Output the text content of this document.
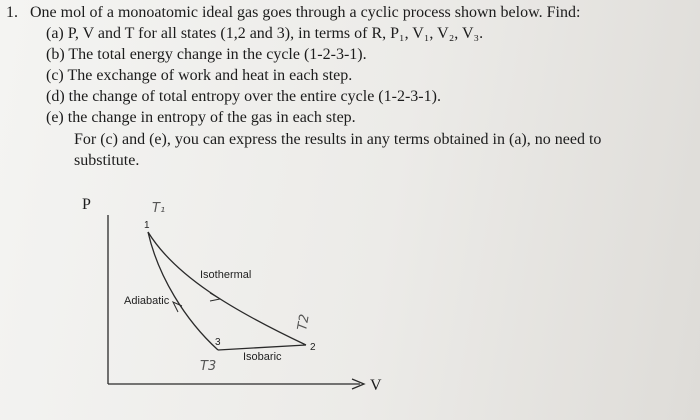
1. One mol of a monoatomic ideal gas goes through a cyclic process shown below. Find:
(a) P, V and T for all states (1,2 and 3), in terms of R, P₁, V₁, V₂, V₃.
(b) The total energy change in the cycle (1-2-3-1).
(c) The exchange of work and heat in each step.
(d) the change of total entropy over the entire cycle (1-2-3-1).
(e) the change in entropy of the gas in each step.
For (c) and (e), you can express the results in any terms obtained in (a), no need to
substitute.
P
V
Isothermal
Adiabatic
Isobaric
1
2
3
T₁
T2
T3
